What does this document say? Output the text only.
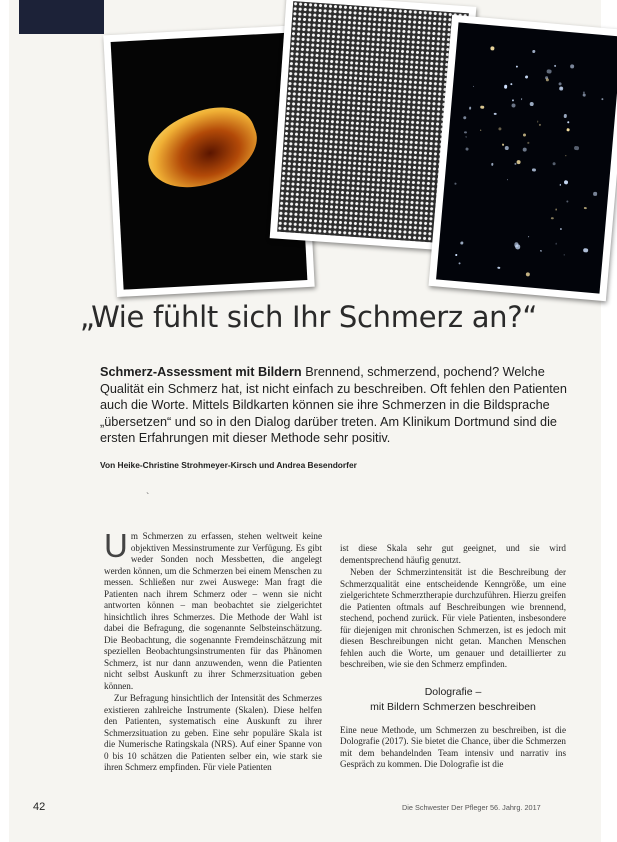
„Wie fühlt sich Ihr Schmerz an?“

Schmerz-Assessment mit Bildern Brennend, schmerzend, pochend? Welche Qualität ein Schmerz hat, ist nicht einfach zu beschreiben. Oft fehlen den Patienten auch die Worte. Mittels Bildkarten können sie ihre Schmerzen in die Bildsprache „übersetzen“ und so in den Dialog darüber treten. Am Klinikum Dortmund sind die ersten Erfahrungen mit dieser Methode sehr positiv.

Von Heike-Christine Strohmeyer-Kirsch und Andrea Besendorfer
`

Um Schmerzen zu erfassen, stehen weltweit keine objektiven Messinstrumente zur Verfügung. Es gibt weder Sonden noch Messbetten, die angelegt werden können, um die Schmerzen bei einem Menschen zu messen. Schließen nur zwei Auswege: Man fragt die Patienten nach ihrem Schmerz oder – wenn sie nicht antworten können – man beobachtet sie zielgerichtet hinsichtlich ihres Schmerzes. Die Methode der Wahl ist dabei die Befragung, die sogenannte Selbsteinschätzung. Die Beobachtung, die sogenannte Fremdeinschätzung mit speziellen Beobachtungsinstrumenten für das Phänomen Schmerz, ist nur dann anzuwenden, wenn die Patienten nicht selbst Auskunft zu ihrer Schmerzsituation geben können.

Zur Befragung hinsichtlich der Intensität des Schmerzes existieren zahlreiche Instrumente (Skalen). Diese helfen den Patienten, systematisch eine Auskunft zu ihrer Schmerzsituation zu geben. Eine sehr populäre Skala ist die Numerische Ratingskala (NRS). Auf einer Spanne von 0 bis 10 schätzen die Patienten selber ein, wie stark sie ihren Schmerz empfinden. Für viele Patienten

ist diese Skala sehr gut geeignet, und sie wird dementsprechend häufig genutzt.

Neben der Schmerzintensität ist die Beschreibung der Schmerzqualität eine entscheidende Kenngröße, um eine zielgerichtete Schmerztherapie durchzuführen. Hierzu greifen die Patienten oftmals auf Beschreibungen wie brennend, stechend, pochend zurück. Für viele Patienten, insbesondere für diejenigen mit chronischen Schmerzen, ist es jedoch mit diesen Beschreibungen nicht getan. Manchen Menschen fehlen auch die Worte, um genauer und detaillierter zu beschreiben, wie sie den Schmerz empfinden.

Dolografie –
mit Bildern Schmerzen beschreiben

Eine neue Methode, um Schmerzen zu beschreiben, ist die Dolografie (2017). Sie bietet die Chance, über die Schmerzen mit dem behandelnden Team intensiv und narrativ ins Gespräch zu kommen. Die Dolografie ist die

42	Die Schwester Der Pfleger 56. Jahrg. 2017
